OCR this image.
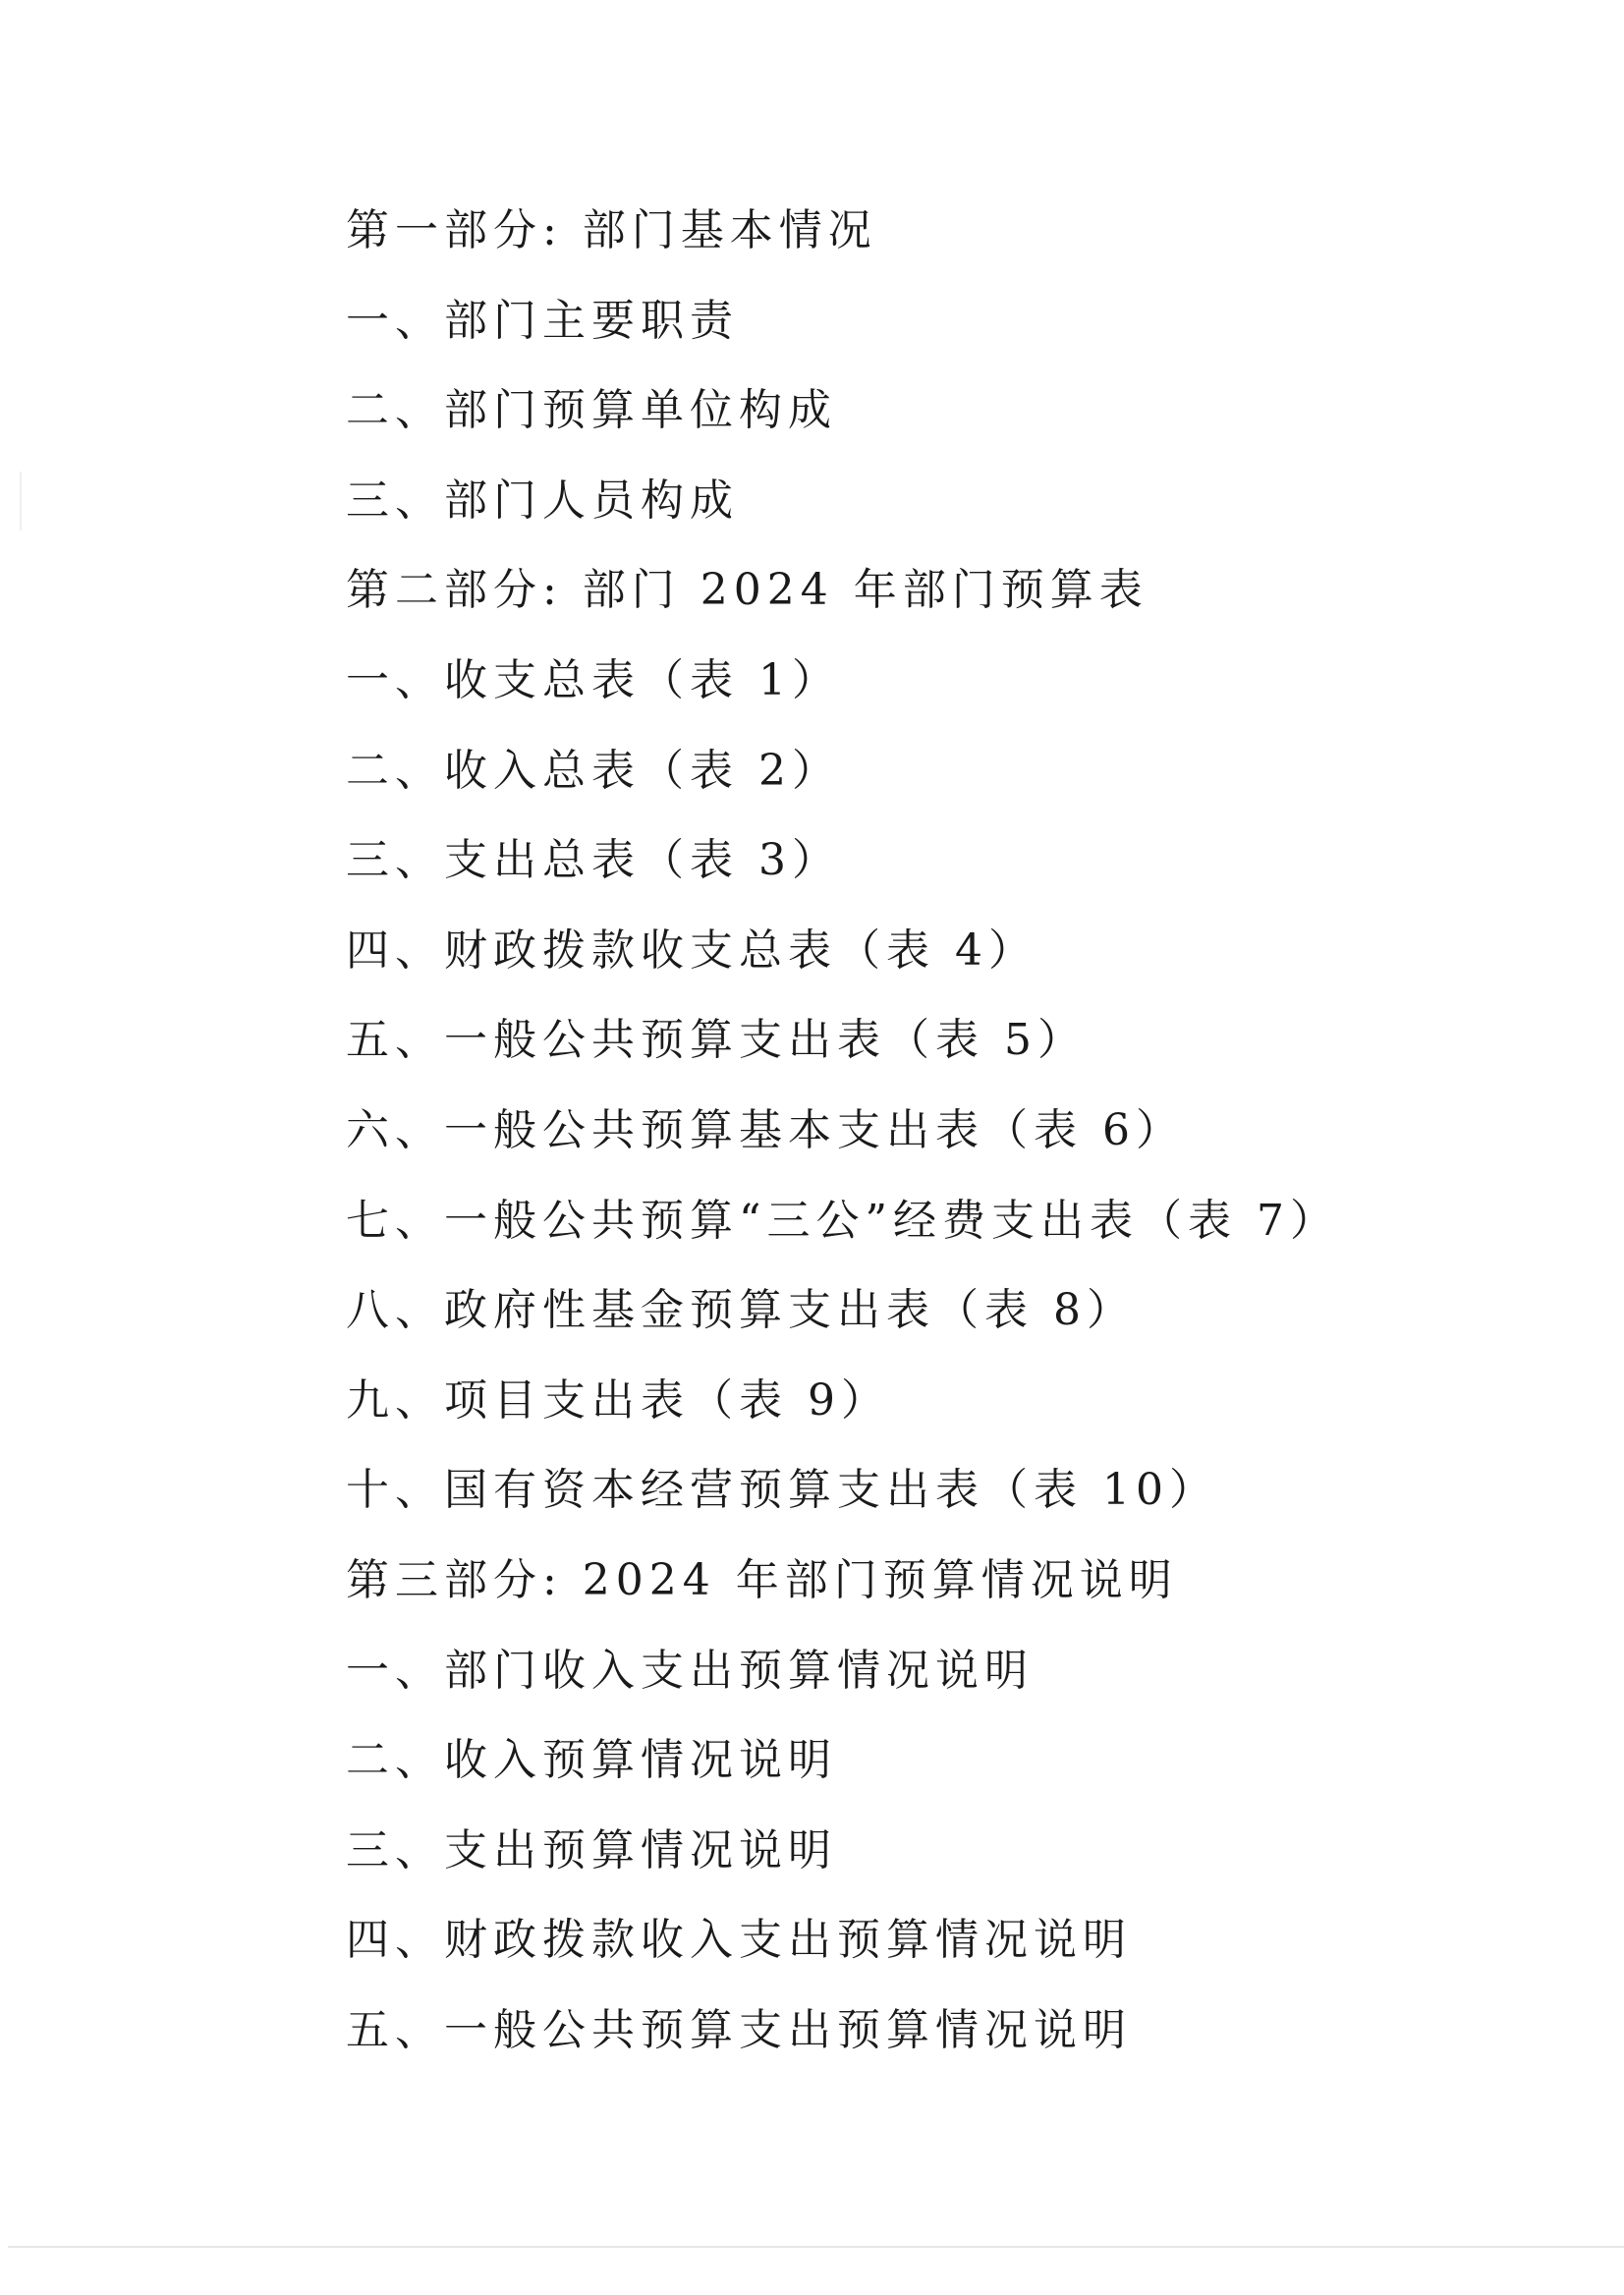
第一部分: 部门基本情况
一、部门主要职责
二、部门预算单位构成
三、部门人员构成
第二部分: 部门 2024 年部门预算表
一、收支总表（表 1）
二、收入总表（表 2）
三、支出总表（表 3）
四、财政拨款收支总表（表 4）
五、一般公共预算支出表（表 5）
六、一般公共预算基本支出表（表 6）
七、一般公共预算“三公”经费支出表（表 7）
八、政府性基金预算支出表（表 8）
九、项目支出表（表 9）
十、国有资本经营预算支出表（表 10）
第三部分: 2024 年部门预算情况说明
一、部门收入支出预算情况说明
二、收入预算情况说明
三、支出预算情况说明
四、财政拨款收入支出预算情况说明
五、一般公共预算支出预算情况说明
